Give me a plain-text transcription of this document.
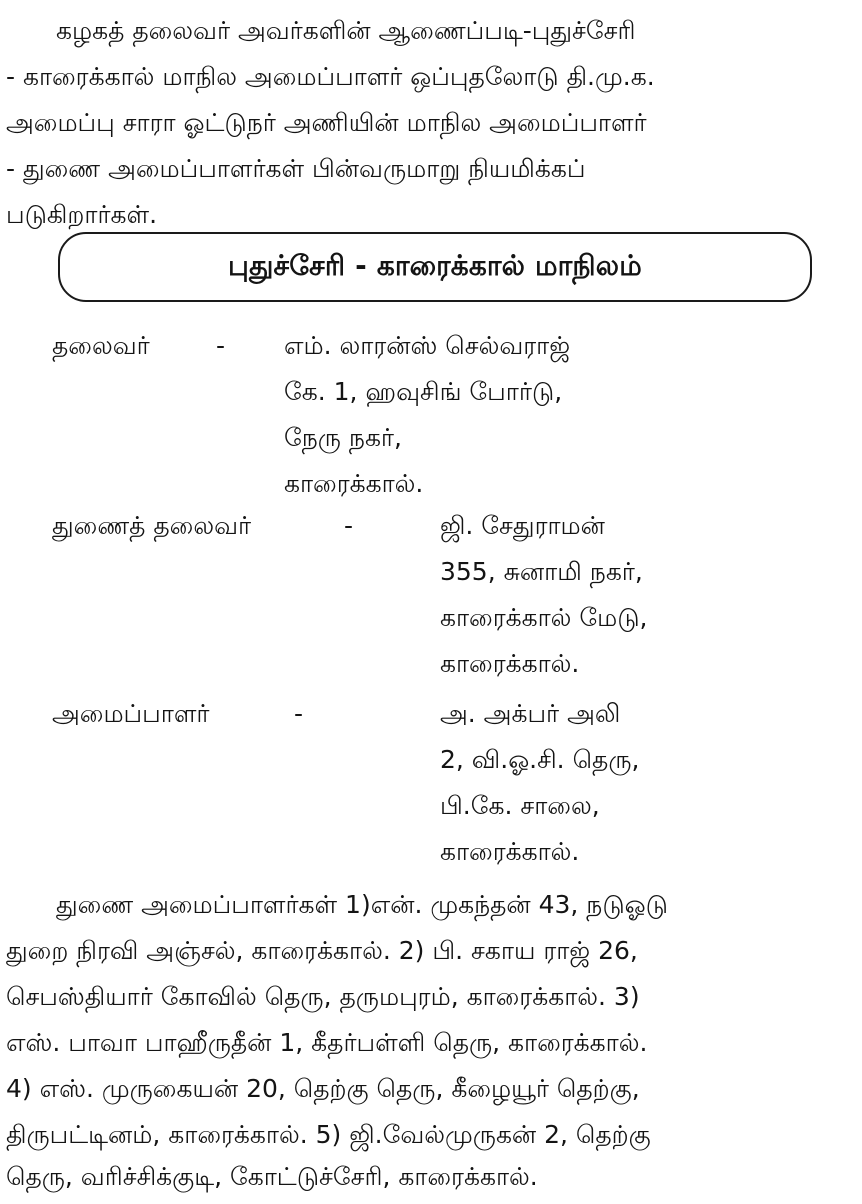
கழகத் தலைவர் அவர்களின் ஆணைப்படி-புதுச்சேரி
- காரைக்கால் மாநில அமைப்பாளர் ஒப்புதலோடு தி.மு.க.
அமைப்பு சாரா ஓட்டுநர் அணியின் மாநில அமைப்பாளர்
- துணை அமைப்பாளர்கள் பின்வருமாறு நியமிக்கப்
படுகிறார்கள்.
புதுச்சேரி - காரைக்கால் மாநிலம்
தலைவர்	- எம். லாரன்ஸ் செல்வராஜ்
கே. 1, ஹவுசிங் போர்டு,
நேரு நகர்,
காரைக்கால்.
துணைத் தலைவர்	-	ஜி. சேதுராமன்
355, சுனாமி நகர்,
காரைக்கால் மேடு,
காரைக்கால்.
அமைப்பாளர்	-	அ. அக்பர் அலி
2, வி.ஓ.சி. தெரு,
பி.கே. சாலை,
காரைக்கால்.
துணை அமைப்பாளர்கள் 1)என். முகந்தன் 43, நடுஓடு
துறை நிரவி அஞ்சல், காரைக்கால். 2) பி. சகாய ராஜ் 26,
செபஸ்தியார் கோவில் தெரு, தருமபுரம், காரைக்கால். 3)
எஸ். பாவா பாஹீருதீன் 1, கீதர்பள்ளி தெரு, காரைக்கால்.
4) எஸ். முருகையன் 20, தெற்கு தெரு, கீழையூர் தெற்கு,
திருபட்டினம், காரைக்கால். 5) ஜி.வேல்முருகன் 2, தெற்கு
தெரு, வரிச்சிக்குடி, கோட்டுச்சேரி, காரைக்கால்.
